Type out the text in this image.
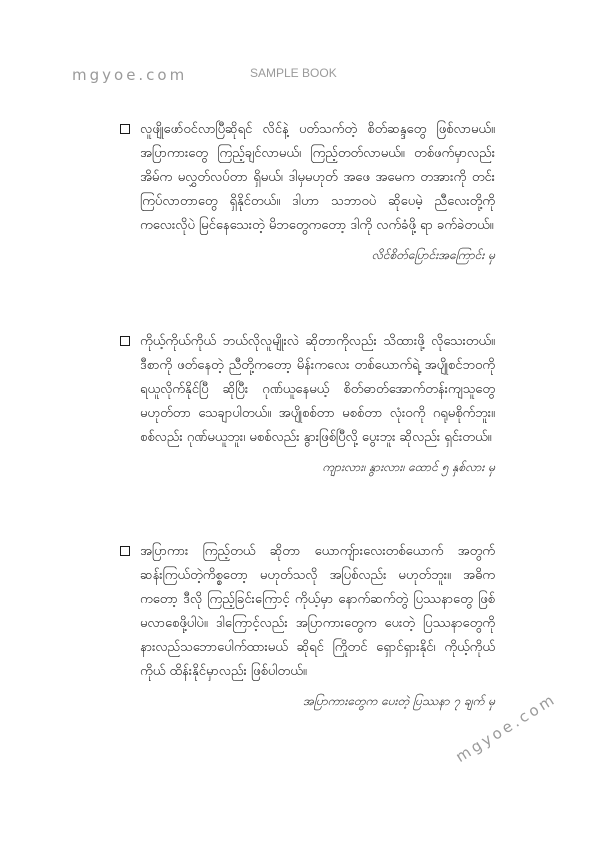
mgyoe.com	SAMPLE BOOK

လူဖျိုဖော်ဝင်လာပြီဆိုရင် လိင်နဲ့ ပတ်သက်တဲ့ စိတ်ဆန္ဒတွေ ဖြစ်လာမယ်။ အပြာကားတွေ ကြည့်ချင်လာမယ်၊ ကြည့်တတ်လာမယ်။ တစ်ဖက်မှာလည်း အိမ်က မလွှတ်လပ်တာ ရှိမယ်၊ ဒါမှမဟုတ် အဖေ အမေက တအားကို တင်းကြပ်လာတာတွေ ရှိနိုင်တယ်။ ဒါဟာ သဘာဝပဲ ဆိုပေမဲ့ ညီလေးတို့ကို ကလေးလိုပဲ မြင်နေသေးတဲ့ မိဘတွေကတော့ ဒါကို လက်ခံဖို့ ရာ ခက်ခဲတယ်။

လိင်စိတ်ပြောင်းအကြောင်း မှ

ကိုယ့်ကိုယ်ကိုယ် ဘယ်လိုလူမျိုးလဲ ဆိုတာကိုလည်း သိထားဖို့ လိုသေးတယ်။ ဒီစာကို ဖတ်နေတဲ့ ညီတို့ကတော့ မိန်းကလေး တစ်ယောက်ရဲ့ အပျိုစင်ဘဝကို ရယူလိုက်နိုင်ပြီ ဆိုပြီး ဂုဏ်ယူနေမယ့် စိတ်ဓာတ်အောက်တန်းကျသူတွေ မဟုတ်တာ သေချာပါတယ်။ အပျိုစစ်တာ မစစ်တာ လုံးဝကို ဂရုမစိုက်ဘူး။ စစ်လည်း ဂုဏ်မယူဘူး၊ မစစ်လည်း နွားဖြစ်ပြီလို့ ပွေးဘူး ဆိုလည်း ရှင်းတယ်။

ကျားလား၊ နွားလား၊ ထောင် ၅ နှစ်လား မှ

အပြာကား ကြည့်တယ် ဆိုတာ ယောကျ်ားလေးတစ်ယောက် အတွက် ဆန်းကြယ်တဲ့ကိစ္စတော့ မဟုတ်သလို အပြစ်လည်း မဟုတ်ဘူး။ အဓိကကတော့ ဒီလို ကြည့်ခြင်းကြောင့် ကိုယ့်မှာ နောက်ဆက်တွဲ ပြဿနာတွေ ဖြစ်မလာစေဖို့ပါပဲ။ ဒါကြောင့်လည်း အပြာကားတွေက ပေးတဲ့ ပြဿနာတွေကို နားလည်သဘောပေါက်ထားမယ် ဆိုရင် ကြိုတင် ရှောင်ရှားနိုင်၊ ကိုယ့်ကိုယ်ကိုယ် ထိန်းနိုင်မှာလည်း ဖြစ်ပါတယ်။

အပြာကားတွေက ပေးတဲ့ ပြဿနာ ၇ ချက် မှ

mgyoe.com
